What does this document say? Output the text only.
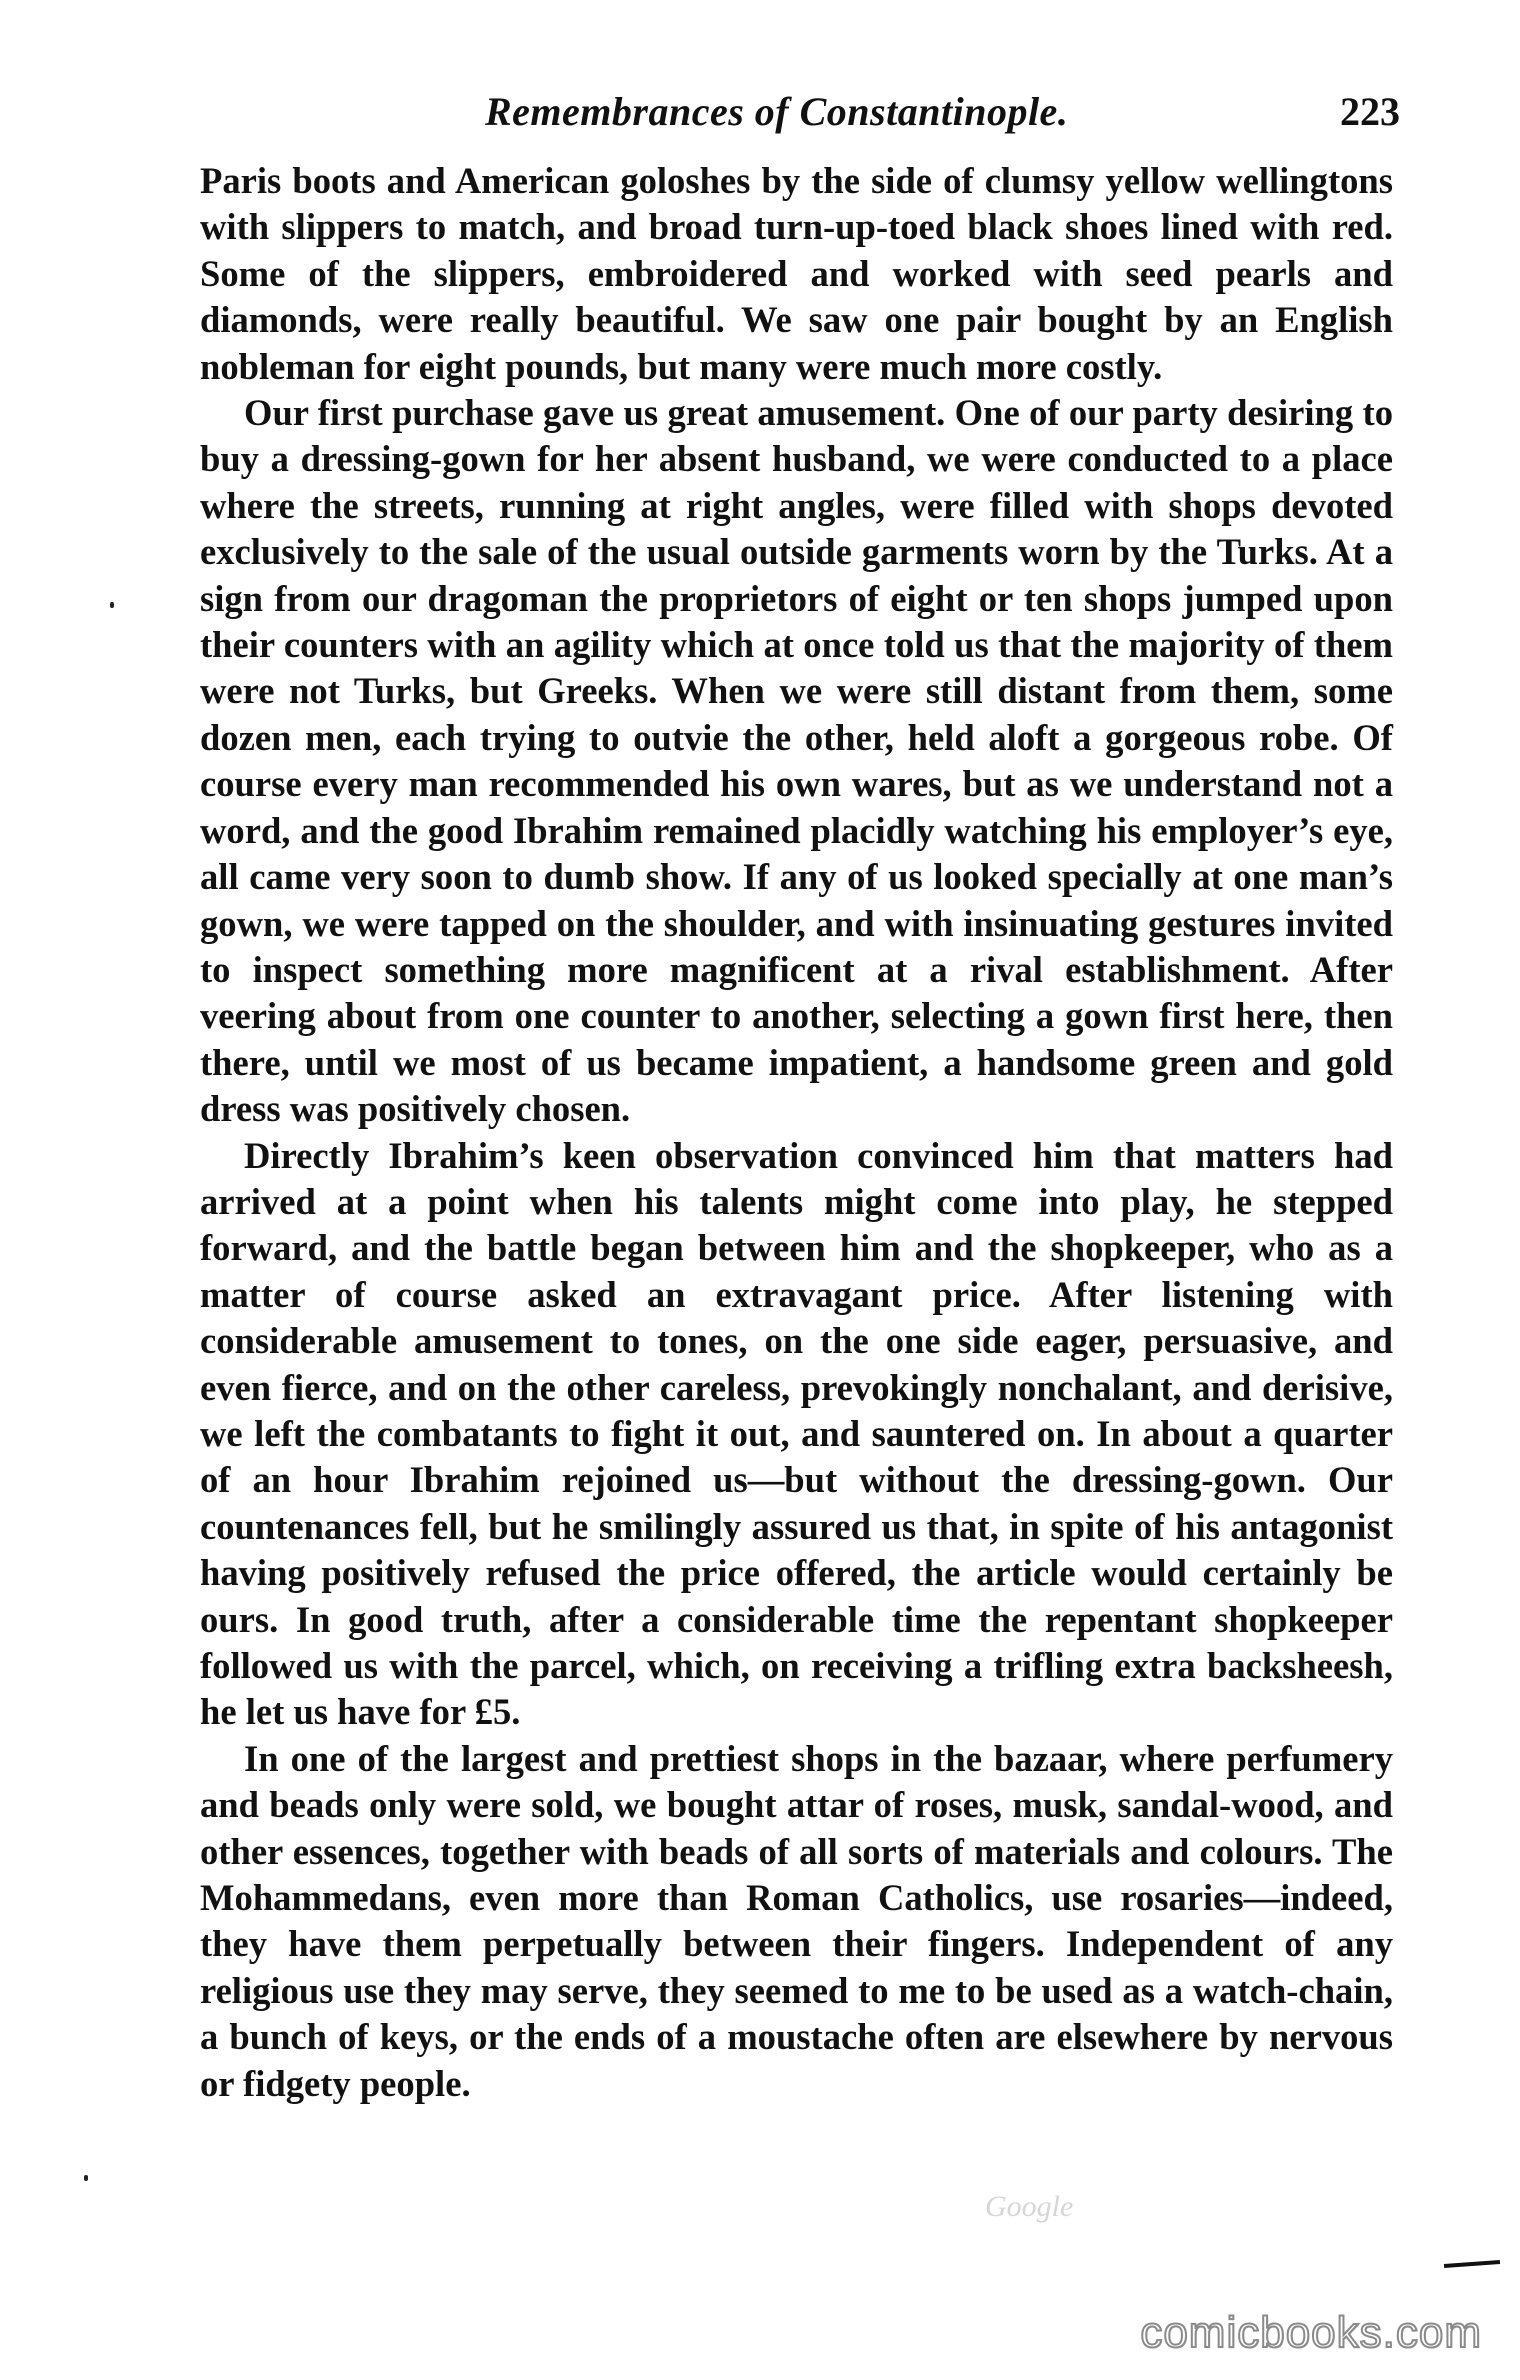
Remembrances of Constantinople.	223

Paris boots and American goloshes by the side of clumsy yellow wellingtons with slippers to match, and broad turn-up-toed black shoes lined with red. Some of the slippers, embroidered and worked with seed pearls and diamonds, were really beautiful. We saw one pair bought by an English nobleman for eight pounds, but many were much more costly.

Our first purchase gave us great amusement. One of our party desiring to buy a dressing-gown for her absent husband, we were conducted to a place where the streets, running at right angles, were filled with shops devoted exclusively to the sale of the usual outside garments worn by the Turks. At a sign from our dragoman the proprietors of eight or ten shops jumped upon their counters with an agility which at once told us that the majority of them were not Turks, but Greeks. When we were still distant from them, some dozen men, each trying to outvie the other, held aloft a gorgeous robe. Of course every man recommended his own wares, but as we understand not a word, and the good Ibrahim remained placidly watching his employer’s eye, all came very soon to dumb show. If any of us looked specially at one man’s gown, we were tapped on the shoulder, and with insinuating gestures invited to inspect something more magnificent at a rival establishment. After veering about from one counter to another, selecting a gown first here, then there, until we most of us became impatient, a handsome green and gold dress was positively chosen.

Directly Ibrahim’s keen observation convinced him that matters had arrived at a point when his talents might come into play, he stepped forward, and the battle began between him and the shopkeeper, who as a matter of course asked an extravagant price. After listening with considerable amusement to tones, on the one side eager, persuasive, and even fierce, and on the other careless, prevokingly nonchalant, and derisive, we left the combatants to fight it out, and sauntered on. In about a quarter of an hour Ibrahim rejoined us—but without the dressing-gown. Our countenances fell, but he smilingly assured us that, in spite of his antagonist having positively refused the price offered, the article would certainly be ours. In good truth, after a considerable time the repentant shopkeeper followed us with the parcel, which, on receiving a trifling extra backsheesh, he let us have for £5.

In one of the largest and prettiest shops in the bazaar, where perfumery and beads only were sold, we bought attar of roses, musk, sandal-wood, and other essences, together with beads of all sorts of materials and colours. The Mohammedans, even more than Roman Catholics, use rosaries—indeed, they have them perpetually between their fingers. Independent of any religious use they may serve, they seemed to me to be used as a watch-chain, a bunch of keys, or the ends of a moustache often are elsewhere by nervous or fidgety people.

Google
comicbooks.com
